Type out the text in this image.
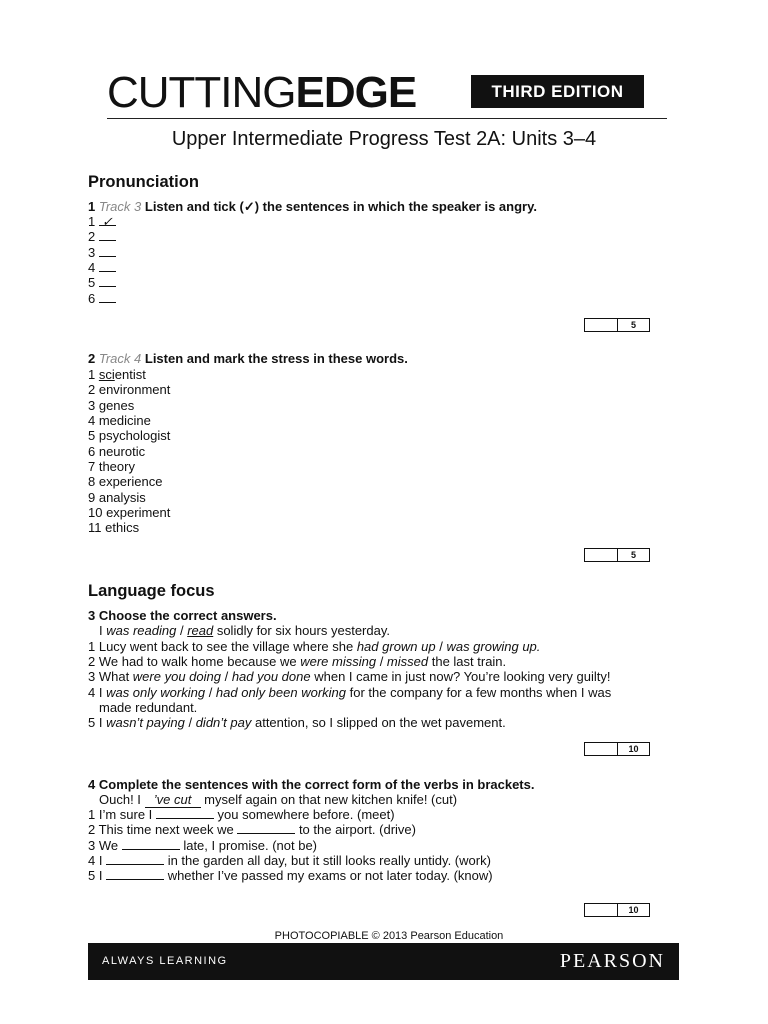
CUTTINGEDGE	THIRD EDITION
Upper Intermediate Progress Test 2A: Units 3–4
Pronunciation
1 Track 3 Listen and tick (✓) the sentences in which the speaker is angry.
1 ✓
2
3
4
5
6
5
2 Track 4 Listen and mark the stress in these words.
1 scientist
2 environment
3 genes
4 medicine
5 psychologist
6 neurotic
7 theory
8 experience
9 analysis
10 experiment
11 ethics
5
Language focus
3 Choose the correct answers.
I was reading / read solidly for six hours yesterday.
1 Lucy went back to see the village where she had grown up / was growing up.
2 We had to walk home because we were missing / missed the last train.
3 What were you doing / had you done when I came in just now? You’re looking very guilty!
4 I was only working / had only been working for the company for a few months when I was
made redundant.
5 I wasn’t paying / didn’t pay attention, so I slipped on the wet pavement.
10
4 Complete the sentences with the correct form of the verbs in brackets.
Ouch! I ’ve cut myself again on that new kitchen knife! (cut)
1 I’m sure I	you somewhere before. (meet)
2 This time next week we	to the airport. (drive)
3 We	late, I promise. (not be)
4 I	in the garden all day, but it still looks really untidy. (work)
5 I	whether I’ve passed my exams or not later today. (know)
10
PHOTOCOPIABLE © 2013 Pearson Education
ALWAYS LEARNING	PEARSON
